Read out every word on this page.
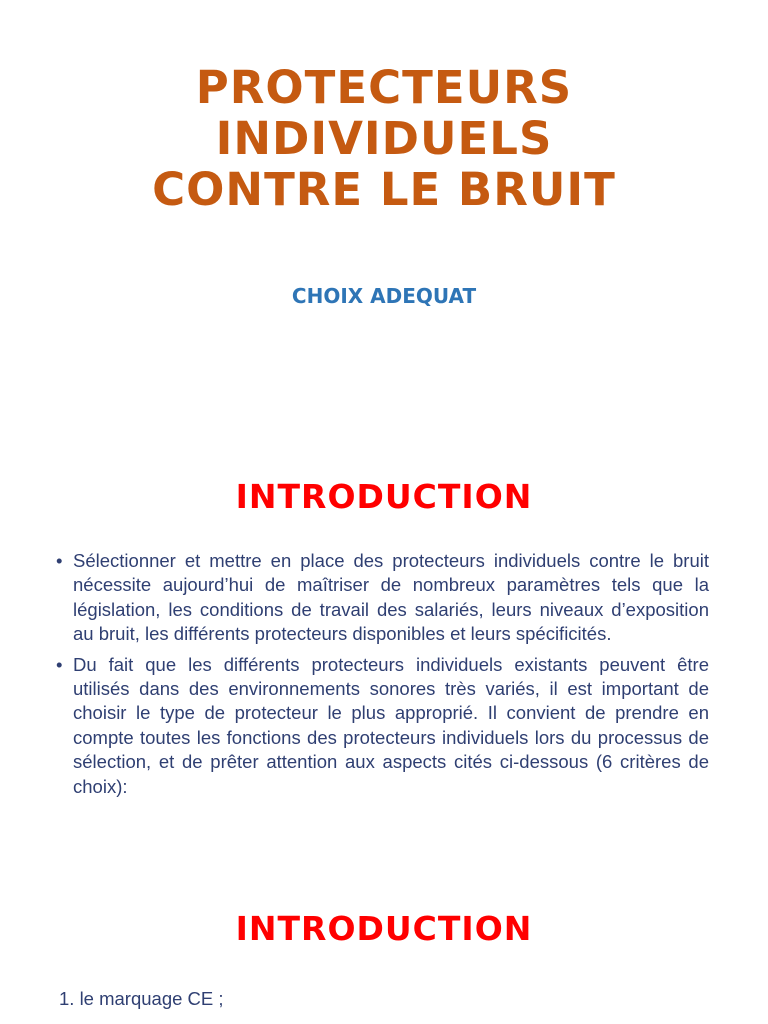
PROTECTEURS
INDIVIDUELS
CONTRE LE BRUIT
CHOIX ADEQUAT
INTRODUCTION
• Sélectionner et mettre en place des protecteurs individuels contre le bruit nécessite aujourd’hui de maîtriser de nombreux paramètres tels que la législation, les conditions de travail des salariés, leurs niveaux d’exposition au bruit, les différents protecteurs disponibles et leurs spécificités.
• Du fait que les différents protecteurs individuels existants peuvent être utilisés dans des environnements sonores très variés, il est important de choisir le type de protecteur le plus approprié. Il convient de prendre en compte toutes les fonctions des protecteurs individuels lors du processus de sélection, et de prêter attention aux aspects cités ci-dessous (6 critères de choix):
INTRODUCTION

1. le marquage CE ;
